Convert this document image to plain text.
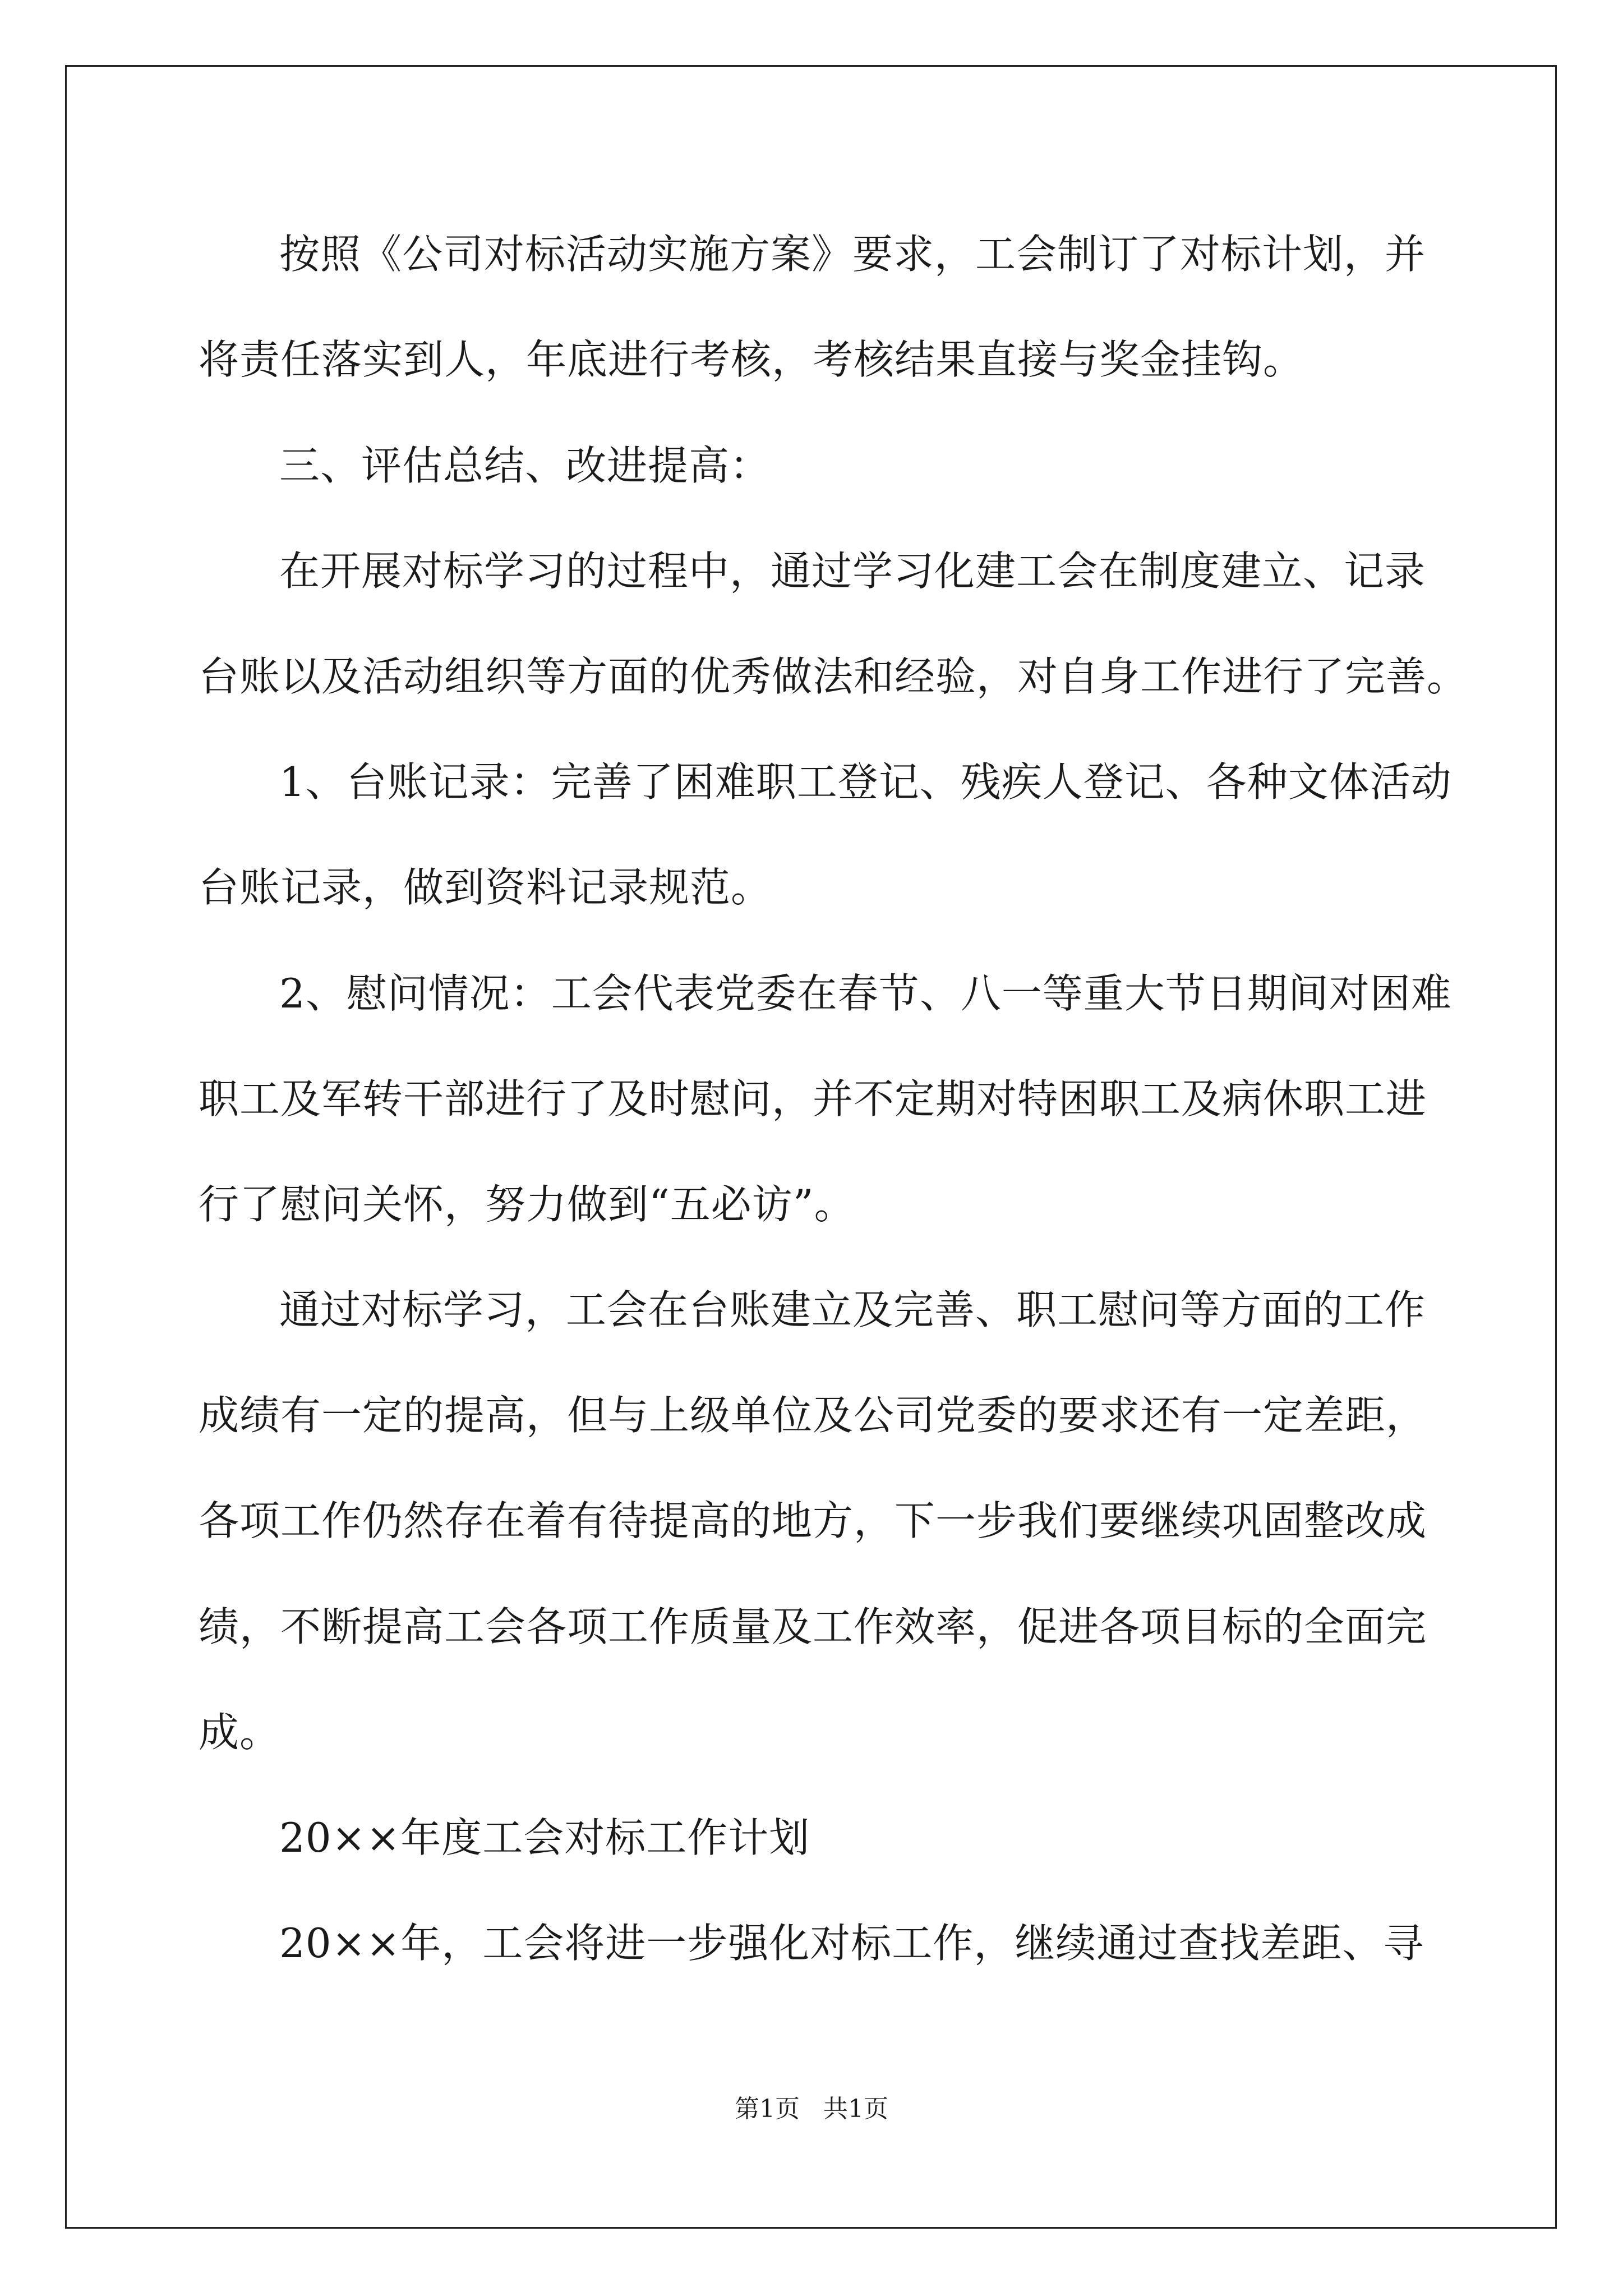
按照《公司对标活动实施方案》要求，工会制订了对标计划，并
将责任落实到人，年底进行考核，考核结果直接与奖金挂钩。
三、评估总结、改进提高：
在开展对标学习的过程中，通过学习化建工会在制度建立、记录
台账以及活动组织等方面的优秀做法和经验，对自身工作进行了完善。
1、台账记录：完善了困难职工登记、残疾人登记、各种文体活动
台账记录，做到资料记录规范。
2、慰问情况：工会代表党委在春节、八一等重大节日期间对困难
职工及军转干部进行了及时慰问，并不定期对特困职工及病休职工进
行了慰问关怀，努力做到“五必访”。
通过对标学习，工会在台账建立及完善、职工慰问等方面的工作
成绩有一定的提高，但与上级单位及公司党委的要求还有一定差距，
各项工作仍然存在着有待提高的地方，下一步我们要继续巩固整改成
绩，不断提高工会各项工作质量及工作效率，促进各项目标的全面完
成。
20××年度工会对标工作计划
20××年，工会将进一步强化对标工作，继续通过查找差距、寻
第1页   共1页
